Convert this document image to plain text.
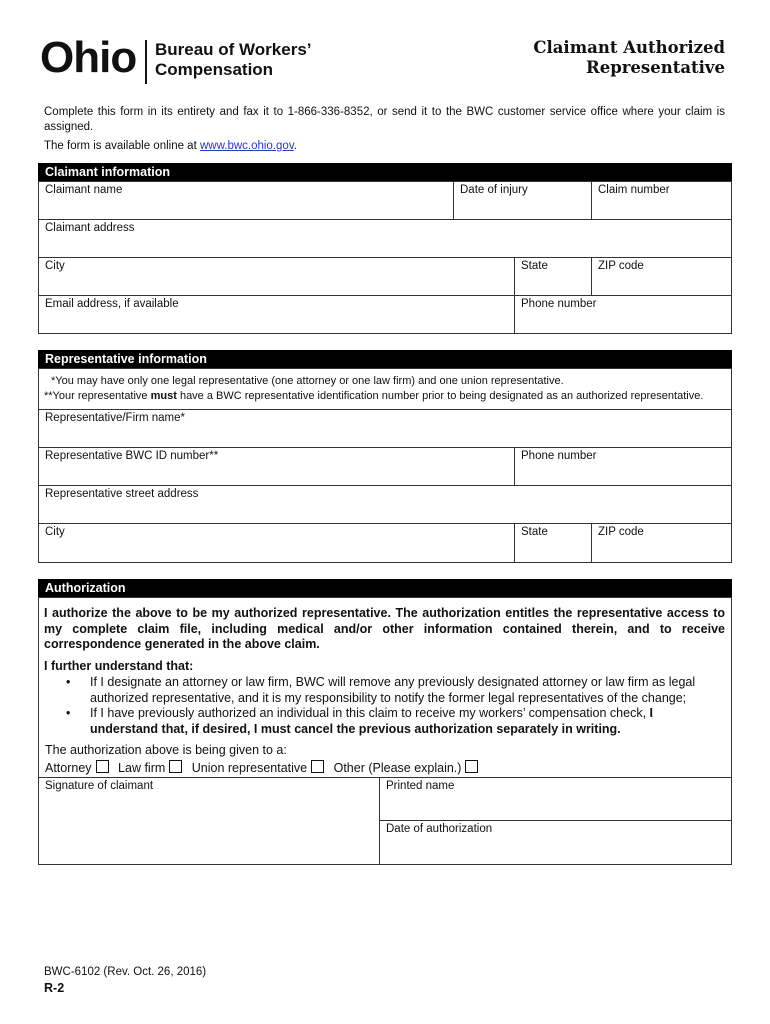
Ohio Bureau of Workers’
Compensation
Claimant Authorized
Representative
Complete this form in its entirety and fax it to 1-866-336-8352, or send it to the BWC customer service office where your claim is assigned.
The form is available online at www.bwc.ohio.gov.
Claimant information
Claimant name	Date of injury	Claim number
Claimant address
City	State	ZIP code
Email address, if available	Phone number
Representative information
*You may have only one legal representative (one attorney or one law firm) and one union representative.
**Your representative must have a BWC representative identification number prior to being designated as an authorized representative.
Representative/Firm name*
Representative BWC ID number**	Phone number
Representative street address
City	State	ZIP code
Authorization
I authorize the above to be my authorized representative. The authorization entitles the representative access to my complete claim file, including medical and/or other information contained therein, and to receive correspondence generated in the above claim.
I further understand that:
• If I designate an attorney or law firm, BWC will remove any previously designated attorney or law firm as legal authorized representative, and it is my responsibility to notify the former legal representatives of the change;
• If I have previously authorized an individual in this claim to receive my workers’ compensation check, I understand that, if desired, I must cancel the previous authorization separately in writing.
The authorization above is being given to a:
Attorney Law firm Union representative Other (Please explain.)
Signature of claimant	Printed name
Date of authorization
BWC-6102 (Rev. Oct. 26, 2016)
R-2
